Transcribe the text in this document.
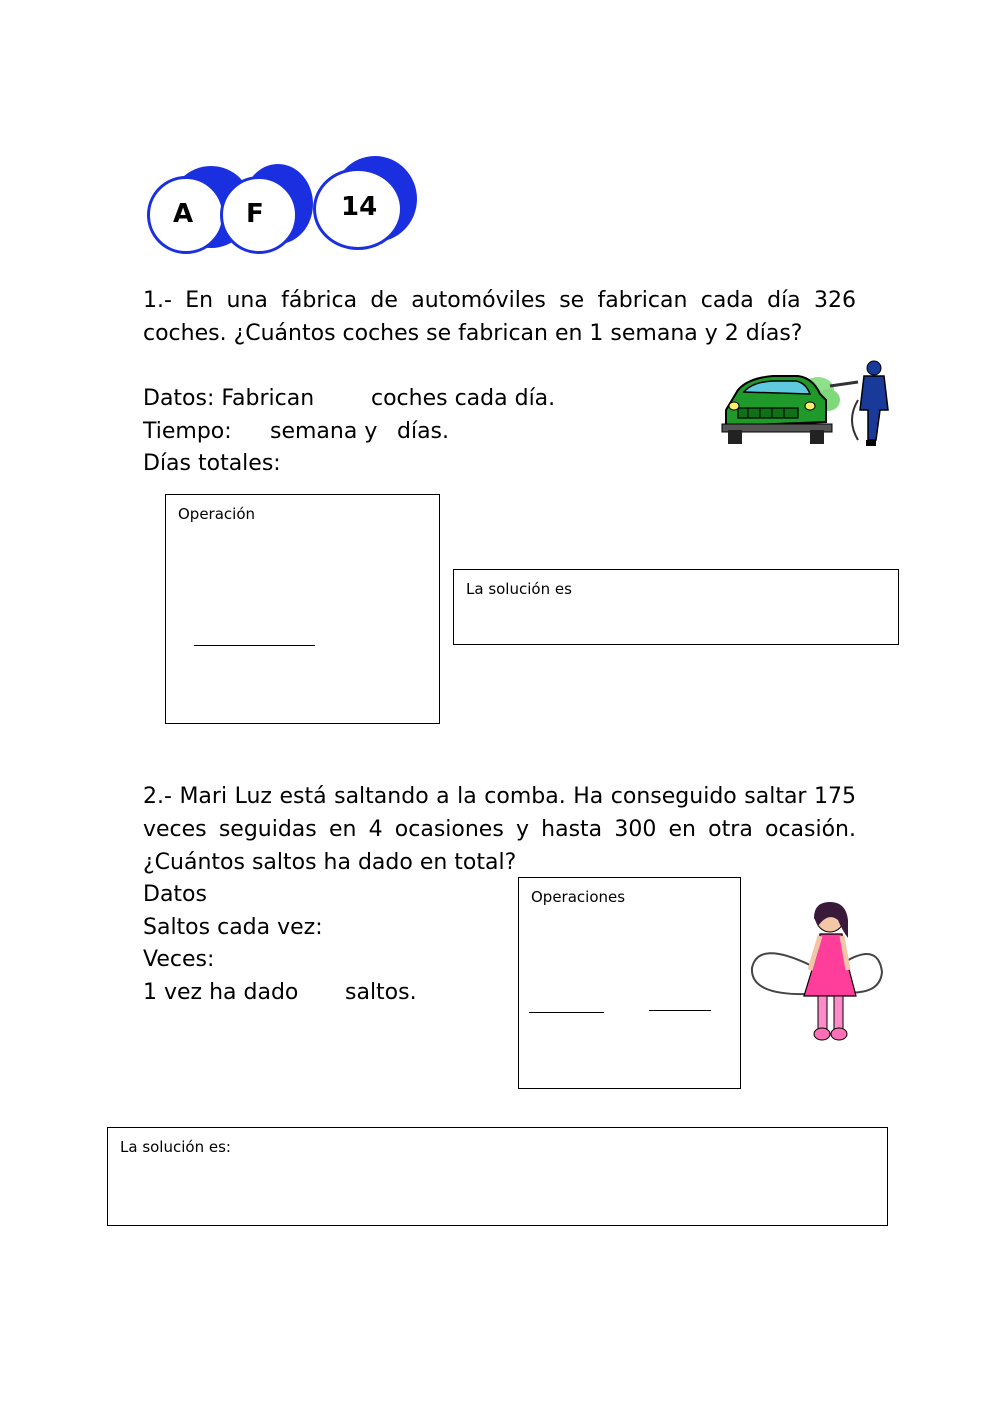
A F	14
1.- En una fábrica de automóviles se fabrican cada día 326 coches. ¿Cuántos coches se fabrican en 1 semana y 2 días?
Datos: Fabrican	coches cada día.
Tiempo: semana y días.
Días totales:
Operación
La solución es
2.- Mari Luz está saltando a la comba. Ha conseguido saltar 175 veces seguidas en 4 ocasiones y hasta 300 en otra ocasión. ¿Cuántos saltos ha dado en total?
Datos
Saltos cada vez:
Veces:
1 vez ha dado saltos.
Operaciones
La solución es:
